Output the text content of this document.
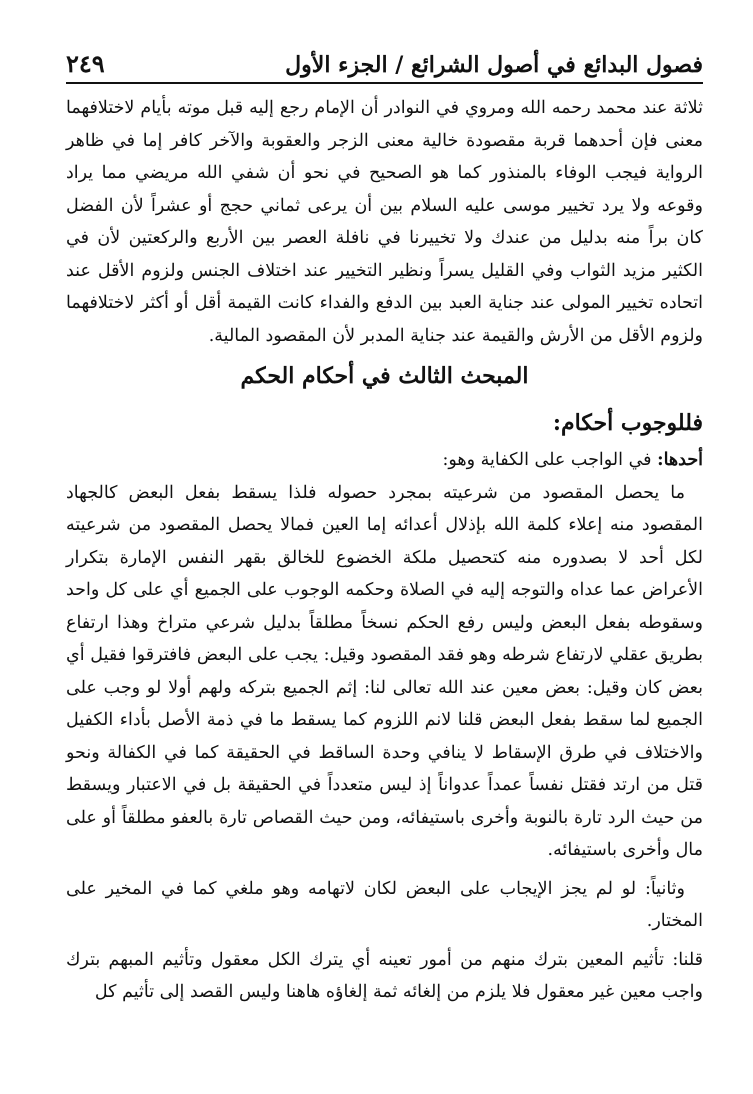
فصول البدائع في أصول الشرائع / الجزء الأول
٢٤٩

ثلاثة عند محمد رحمه الله ومروي في النوادر أن الإمام رجع إليه قبل موته بأيام لاختلافهما معنى فإن أحدهما قربة مقصودة خالية معنى الزجر والعقوبة والآخر كافر إما في ظاهر الرواية فيجب الوفاء بالمنذور كما هو الصحيح في نحو أن شفي الله مريضي مما يراد وقوعه ولا يرد تخيير موسى عليه السلام بين أن يرعى ثماني حجج أو عشراً لأن الفضل كان براً منه بدليل من عندك ولا تخييرنا في نافلة العصر بين الأربع والركعتين لأن في الكثير مزيد الثواب وفي القليل يسراً ونظير التخيير عند اختلاف الجنس ولزوم الأقل عند اتحاده تخيير المولى عند جناية العبد بين الدفع والفداء كانت القيمة أقل أو أكثر لاختلافهما ولزوم الأقل من الأرش والقيمة عند جناية المدبر لأن المقصود المالية.

المبحث الثالث في أحكام الحكم
فللوجوب أحكام:

أحدها: في الواجب على الكفاية وهو:

ما يحصل المقصود من شرعيته بمجرد حصوله فلذا يسقط بفعل البعض كالجهاد المقصود منه إعلاء كلمة الله بإذلال أعدائه إما العين فمالا يحصل المقصود من شرعيته لكل أحد لا بصدوره منه كتحصيل ملكة الخضوع للخالق بقهر النفس الإمارة بتكرار الأعراض عما عداه والتوجه إليه في الصلاة وحكمه الوجوب على الجميع أي على كل واحد وسقوطه بفعل البعض وليس رفع الحكم نسخاً مطلقاً بدليل شرعي متراخ وهذا ارتفاع بطريق عقلي لارتفاع شرطه وهو فقد المقصود وقيل: يجب على البعض فافترقوا فقيل أي بعض كان وقيل: بعض معين عند الله تعالى لنا: إثم الجميع بتركه ولهم أولا لو وجب على الجميع لما سقط بفعل البعض قلنا لانم اللزوم كما يسقط ما في ذمة الأصل بأداء الكفيل والاختلاف في طرق الإسقاط لا ينافي وحدة الساقط في الحقيقة كما في الكفالة ونحو قتل من ارتد فقتل نفساً عمداً عدواناً إذ ليس متعدداً في الحقيقة بل في الاعتبار ويسقط من حيث الرد تارة بالنوبة وأخرى باستيفائه، ومن حيث القصاص تارة بالعفو مطلقاً أو على مال وأخرى باستيفائه.

وثانياً: لو لم يجز الإيجاب على البعض لكان لاتهامه وهو ملغي كما في المخير على المختار.

قلنا: تأثيم المعين بترك منهم من أمور تعينه أي يترك الكل معقول وتأثيم المبهم بترك واجب معين غير معقول فلا يلزم من إلغائه ثمة إلغاؤه هاهنا وليس القصد إلى تأثيم كل
